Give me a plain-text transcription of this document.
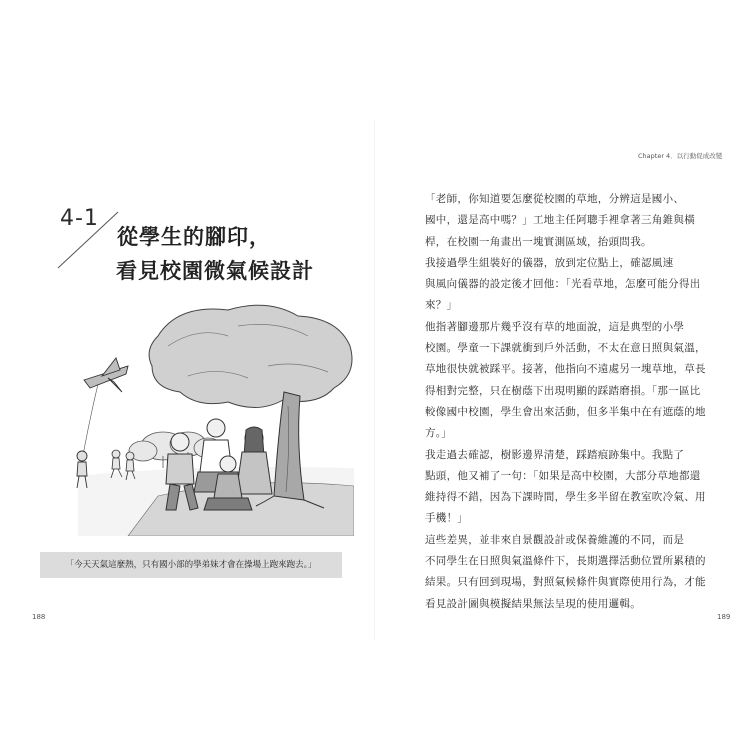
4-1
從學生的腳印，
看見校園微氣候設計
「今天天氣這麼熱，只有國小部的學弟妹才會在操場上跑來跑去。」
188
Chapter 4．以行動促成改變

「老師，你知道要怎麼從校園的草地，分辨這是國小、

國中，還是高中嗎？」工地主任阿聰手裡拿著三角錐與橫

桿，在校園一角畫出一塊實測區域，抬頭問我。

我接過學生組裝好的儀器，放到定位點上，確認風速

與風向儀器的設定後才回他：「光看草地，怎麼可能分得出

來？」

他指著腳邊那片幾乎沒有草的地面說，這是典型的小學

校園。學童一下課就衝到戶外活動，不太在意日照與氣溫，

草地很快就被踩平。接著，他指向不遠處另一塊草地，草長

得相對完整，只在樹蔭下出現明顯的踩踏磨損。「那一區比

較像國中校園，學生會出來活動，但多半集中在有遮蔭的地

方。」

我走過去確認，樹影邊界清楚，踩踏痕跡集中。我點了

點頭，他又補了一句：「如果是高中校園，大部分草地都還

維持得不錯，因為下課時間，學生多半留在教室吹冷氣、用

手機！」

這些差異，並非來自景觀設計或保養維護的不同，而是

不同學生在日照與氣溫條件下，長期選擇活動位置所累積的

結果。只有回到現場，對照氣候條件與實際使用行為，才能

看見設計圖與模擬結果無法呈現的使用邏輯。

189
